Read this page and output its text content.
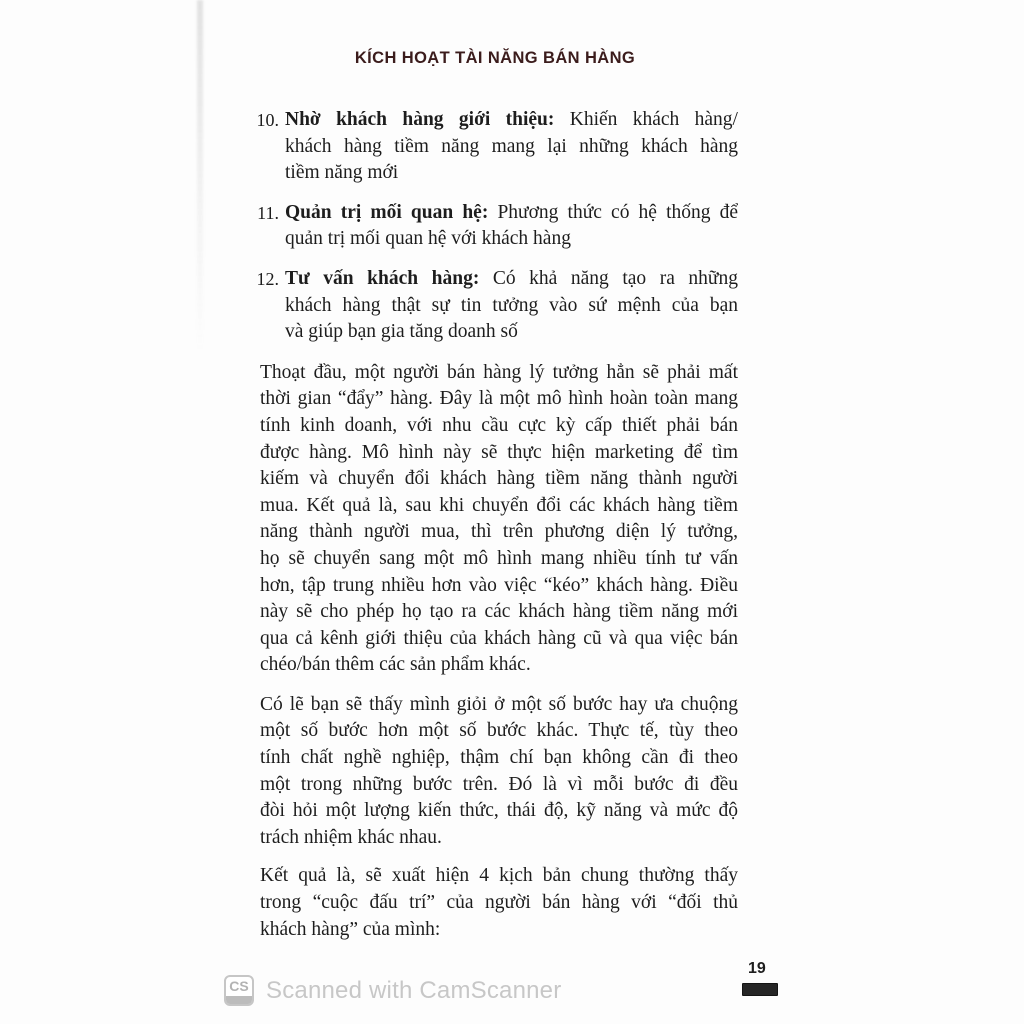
KÍCH HOẠT TÀI NĂNG BÁN HÀNG
10. Nhờ khách hàng giới thiệu: Khiến khách hàng/
khách hàng tiềm năng mang lại những khách hàng
tiềm năng mới
11. Quản trị mối quan hệ: Phương thức có hệ thống để
quản trị mối quan hệ với khách hàng
12. Tư vấn khách hàng: Có khả năng tạo ra những
khách hàng thật sự tin tưởng vào sứ mệnh của bạn
và giúp bạn gia tăng doanh số
Thoạt đầu, một người bán hàng lý tưởng hẳn sẽ phải mất
thời gian “đẩy” hàng. Đây là một mô hình hoàn toàn mang
tính kinh doanh, với nhu cầu cực kỳ cấp thiết phải bán
được hàng. Mô hình này sẽ thực hiện marketing để tìm
kiếm và chuyển đổi khách hàng tiềm năng thành người
mua. Kết quả là, sau khi chuyển đổi các khách hàng tiềm
năng thành người mua, thì trên phương diện lý tưởng,
họ sẽ chuyển sang một mô hình mang nhiều tính tư vấn
hơn, tập trung nhiều hơn vào việc “kéo” khách hàng. Điều
này sẽ cho phép họ tạo ra các khách hàng tiềm năng mới
qua cả kênh giới thiệu của khách hàng cũ và qua việc bán
chéo/bán thêm các sản phẩm khác.
Có lẽ bạn sẽ thấy mình giỏi ở một số bước hay ưa chuộng
một số bước hơn một số bước khác. Thực tế, tùy theo
tính chất nghề nghiệp, thậm chí bạn không cần đi theo
một trong những bước trên. Đó là vì mỗi bước đi đều
đòi hỏi một lượng kiến thức, thái độ, kỹ năng và mức độ
trách nhiệm khác nhau.
Kết quả là, sẽ xuất hiện 4 kịch bản chung thường thấy
trong “cuộc đấu trí” của người bán hàng với “đối thủ
khách hàng” của mình:
19
CS Scanned with CamScanner
